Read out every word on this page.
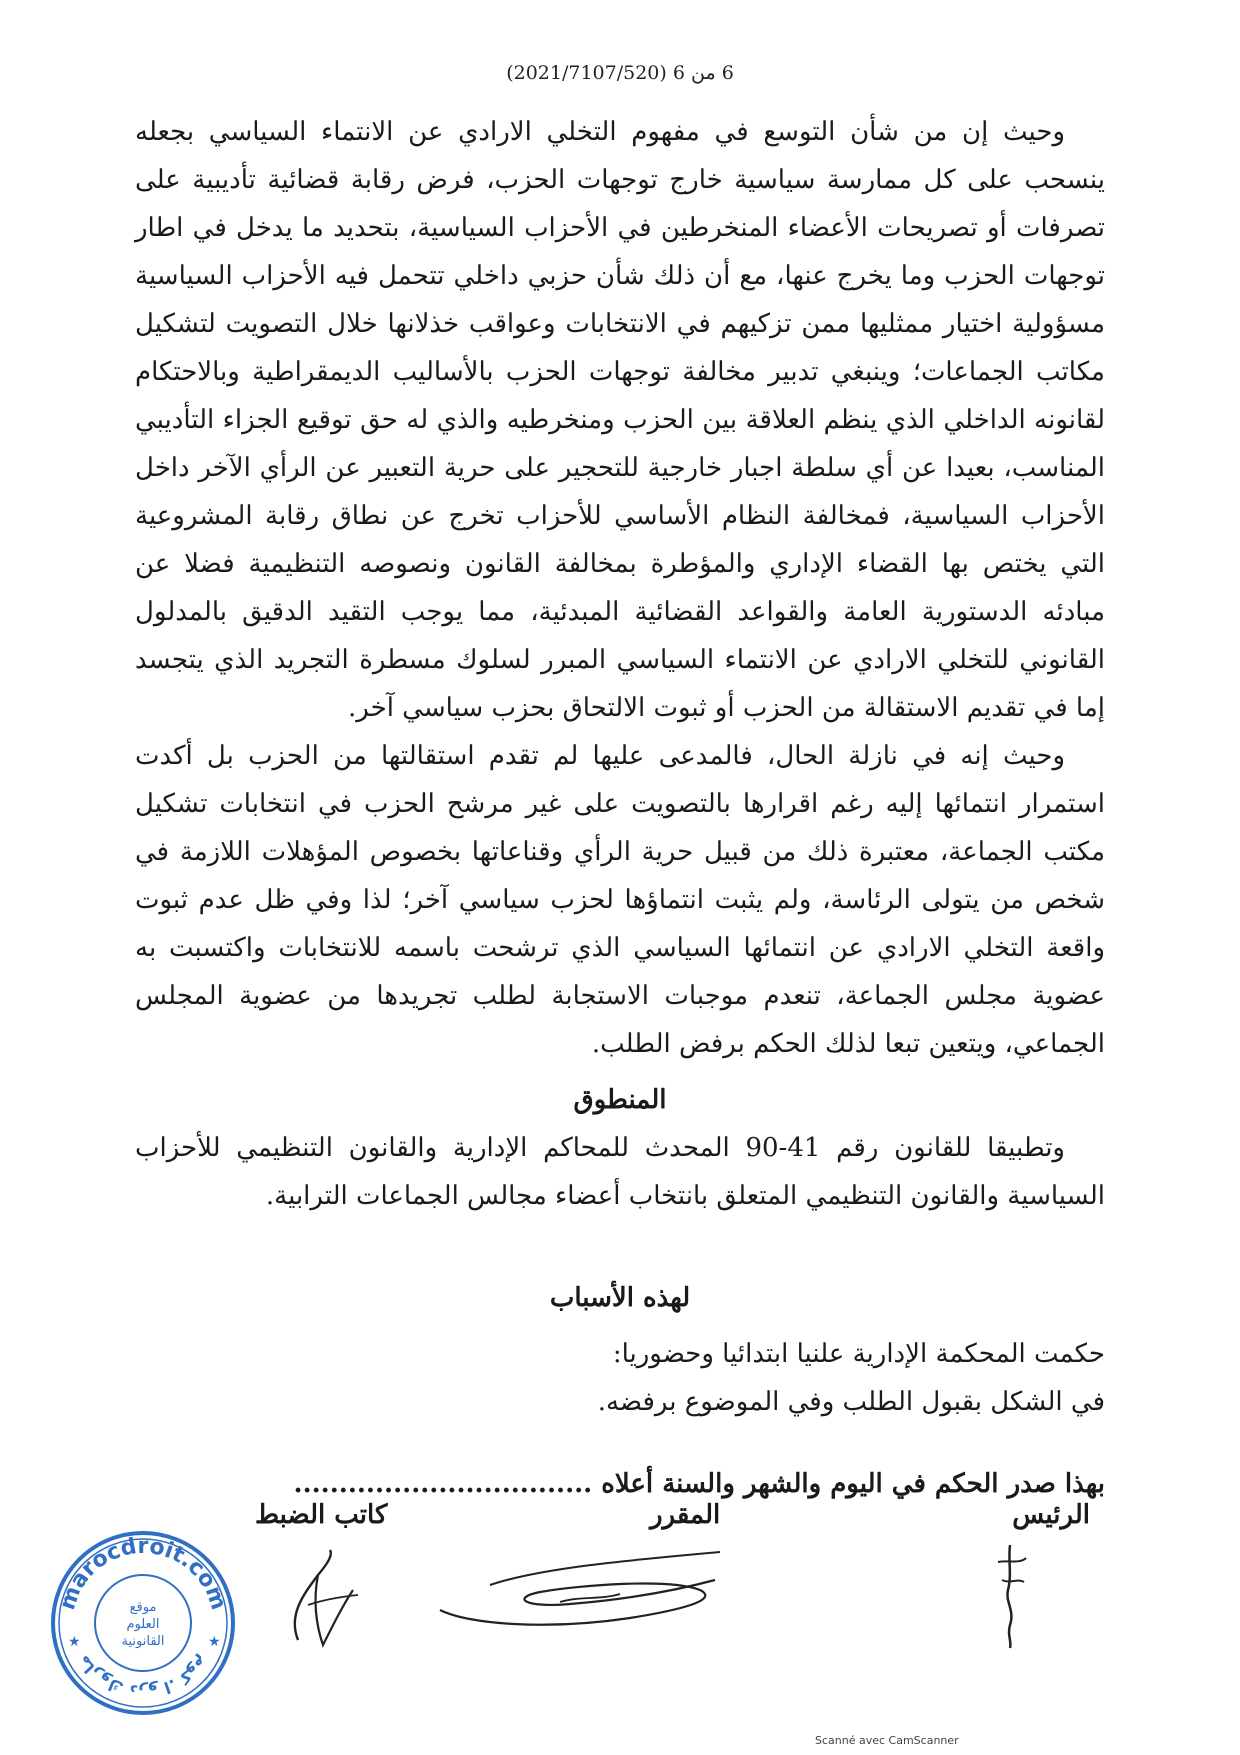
6 من 6 (2021/7107/520)

وحيث إن من شأن التوسع في مفهوم التخلي الارادي عن الانتماء السياسي بجعله ينسحب على كل ممارسة سياسية خارج توجهات الحزب، فرض رقابة قضائية تأديبية على تصرفات أو تصريحات الأعضاء المنخرطين في الأحزاب السياسية، بتحديد ما يدخل في اطار توجهات الحزب وما يخرج عنها، مع أن ذلك شأن حزبي داخلي تتحمل فيه الأحزاب السياسية مسؤولية اختيار ممثليها ممن تزكيهم في الانتخابات وعواقب خذلانها خلال التصويت لتشكيل مكاتب الجماعات؛ وينبغي تدبير مخالفة توجهات الحزب بالأساليب الديمقراطية وبالاحتكام لقانونه الداخلي الذي ينظم العلاقة بين الحزب ومنخرطيه والذي له حق توقيع الجزاء التأديبي المناسب، بعيدا عن أي سلطة اجبار خارجية للتحجير على حرية التعبير عن الرأي الآخر داخل الأحزاب السياسية، فمخالفة النظام الأساسي للأحزاب تخرج عن نطاق رقابة المشروعية التي يختص بها القضاء الإداري والمؤطرة بمخالفة القانون ونصوصه التنظيمية فضلا عن مبادئه الدستورية العامة والقواعد القضائية المبدئية، مما يوجب التقيد الدقيق بالمدلول القانوني للتخلي الارادي عن الانتماء السياسي المبرر لسلوك مسطرة التجريد الذي يتجسد إما في تقديم الاستقالة من الحزب أو ثبوت الالتحاق بحزب سياسي آخر.

وحيث إنه في نازلة الحال، فالمدعى عليها لم تقدم استقالتها من الحزب بل أكدت استمرار انتمائها إليه رغم اقرارها بالتصويت على غير مرشح الحزب في انتخابات تشكيل مكتب الجماعة، معتبرة ذلك من قبيل حرية الرأي وقناعاتها بخصوص المؤهلات اللازمة في شخص من يتولى الرئاسة، ولم يثبت انتماؤها لحزب سياسي آخر؛ لذا وفي ظل عدم ثبوت واقعة التخلي الارادي عن انتمائها السياسي الذي ترشحت باسمه للانتخابات واكتسبت به عضوية مجلس الجماعة، تنعدم موجبات الاستجابة لطلب تجريدها من عضوية المجلس الجماعي، ويتعين تبعا لذلك الحكم برفض الطلب.

المنطوق

وتطبيقا للقانون رقم 41-90 المحدث للمحاكم الإدارية والقانون التنظيمي للأحزاب السياسية والقانون التنظيمي المتعلق بانتخاب أعضاء مجالس الجماعات الترابية.

لهذه الأسباب

حكمت المحكمة الإدارية علنيا ابتدائيا وحضوريا:

في الشكل بقبول الطلب وفي الموضوع برفضه.

بهذا صدر الحكم في اليوم والشهر والسنة أعلاه .................................
الرئيس
المقرر
كاتب الضبط
marocdroit.com
ماروك درو ا. كوم
موقع
العلوم
القانونية
★	★
Scanné avec CamScanner
